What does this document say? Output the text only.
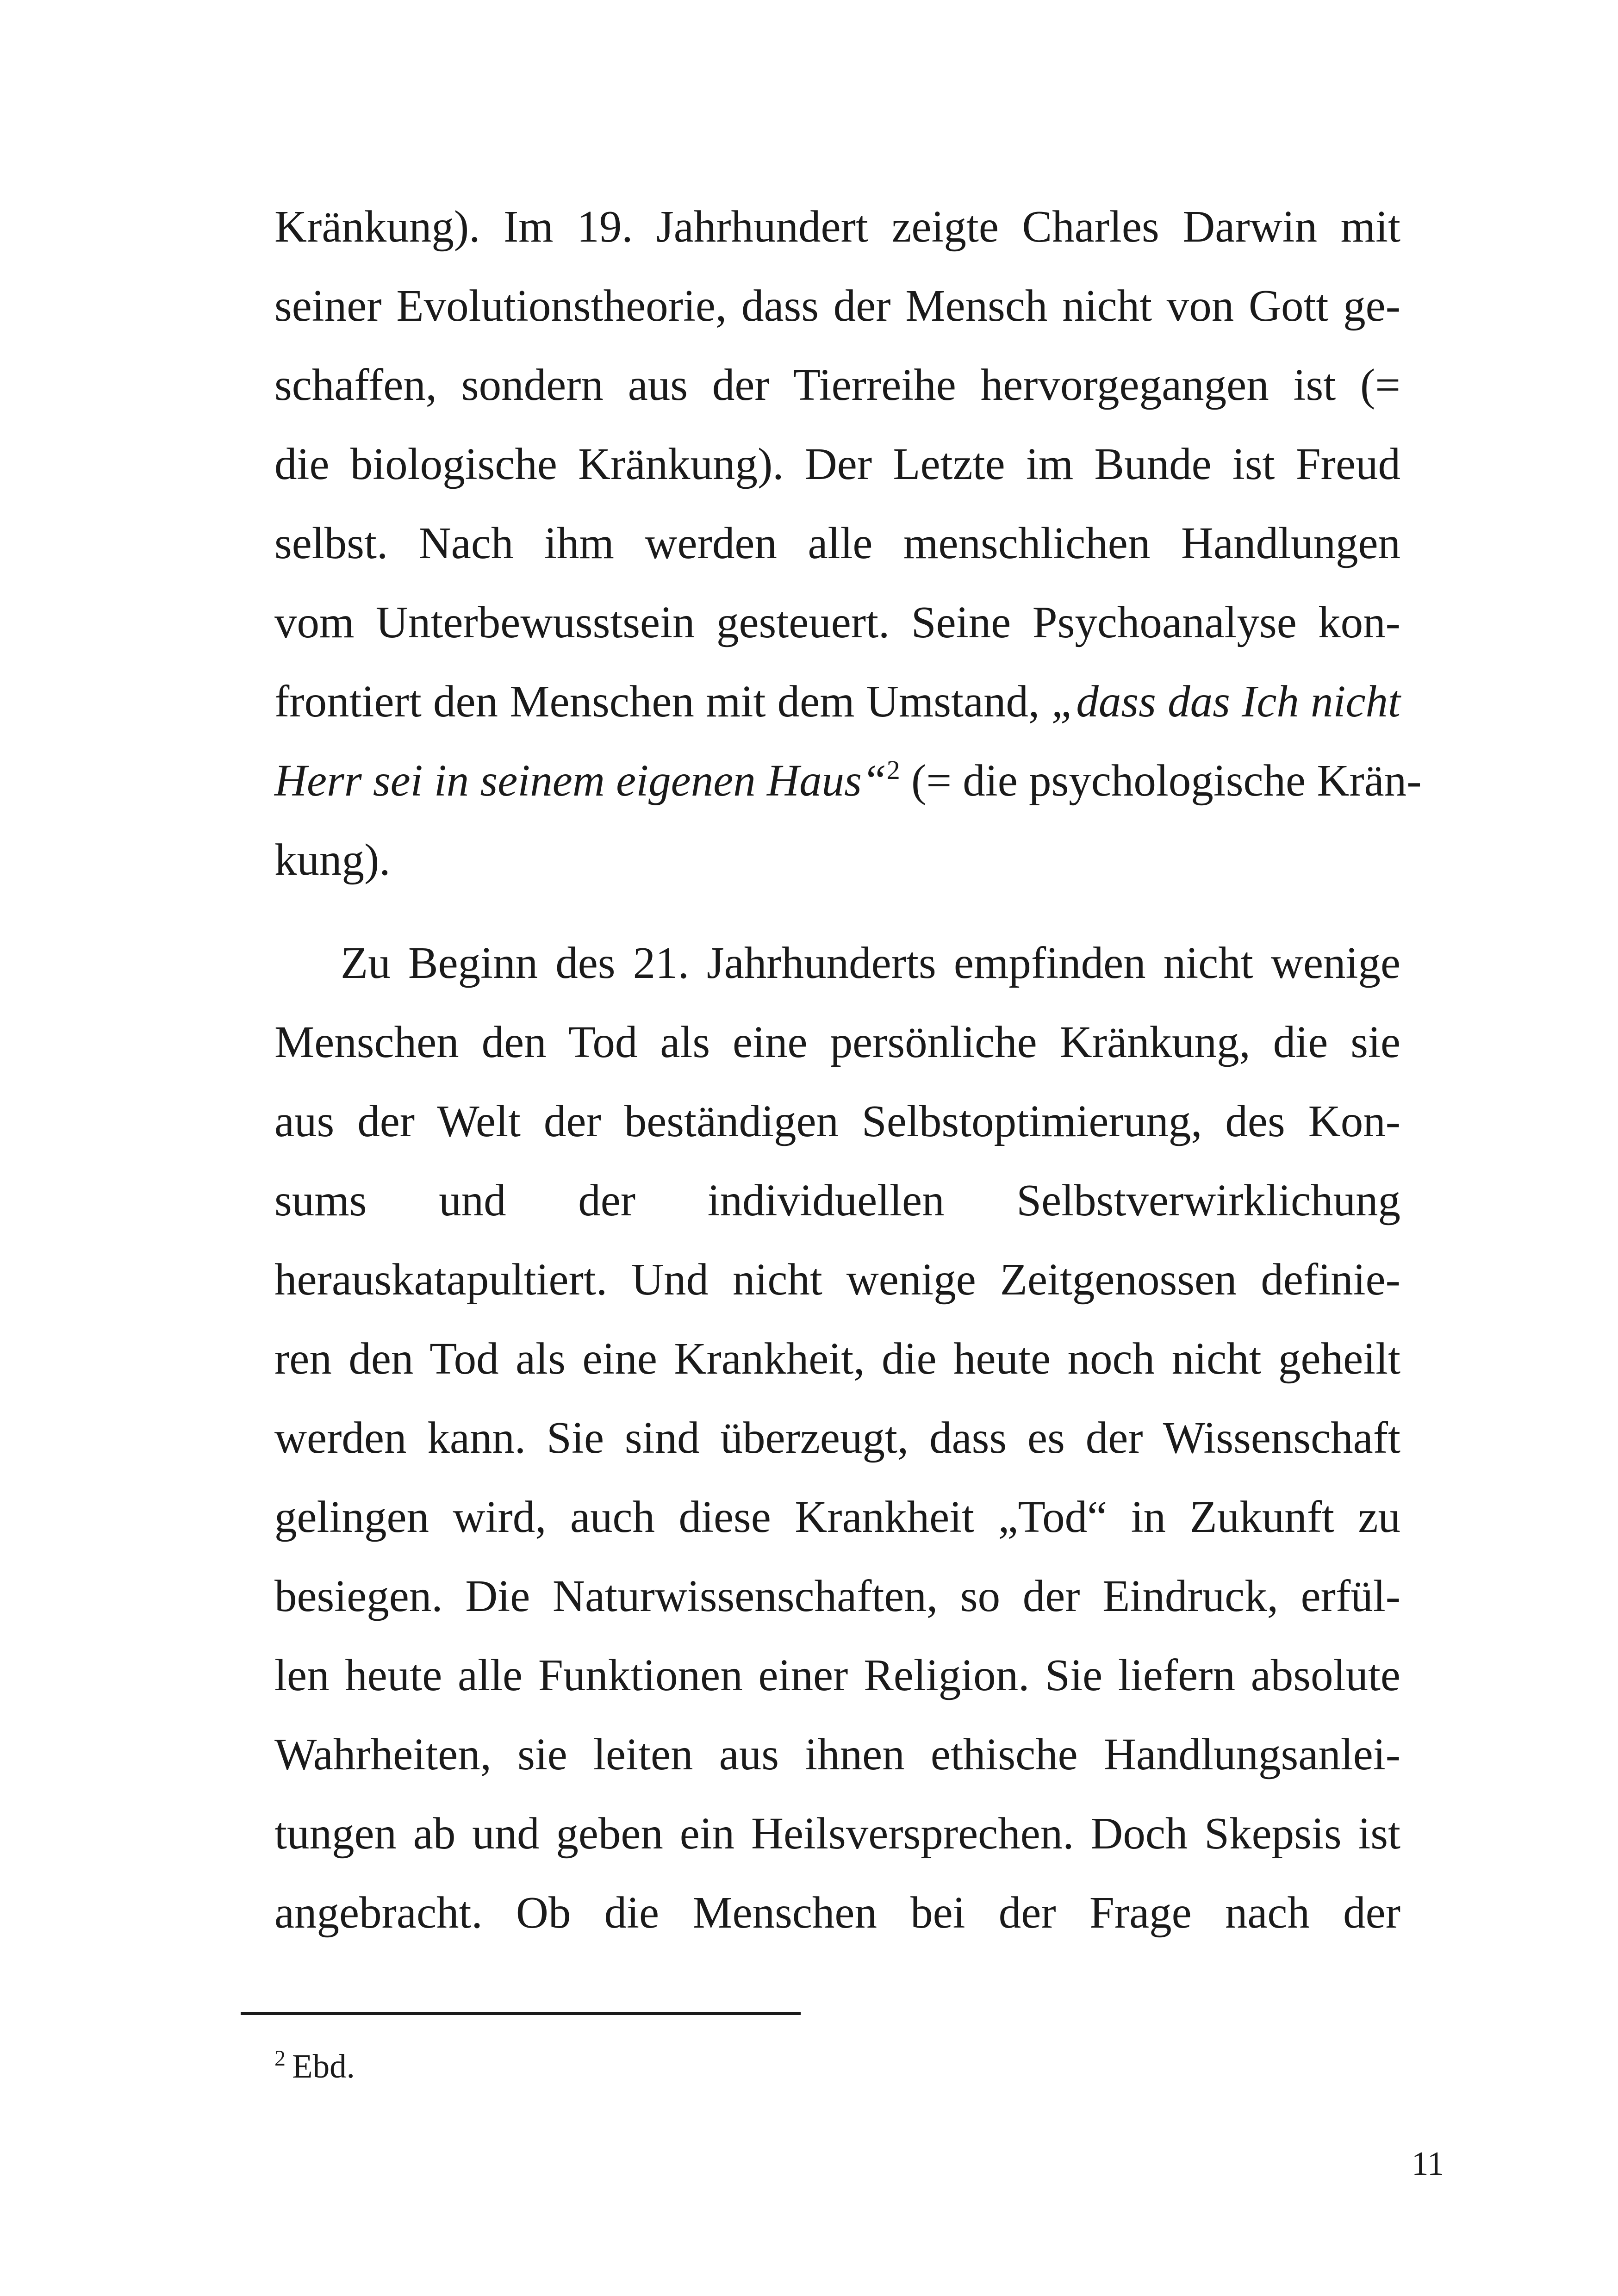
Kränkung). Im 19. Jahrhundert zeigte Charles Darwin mit
seiner Evolutionstheorie, dass der Mensch nicht von Gott ge-
schaffen, sondern aus der Tierreihe hervorgegangen ist (=
die biologische Kränkung). Der Letzte im Bunde ist Freud
selbst. Nach ihm werden alle menschlichen Handlungen
vom Unterbewusstsein gesteuert. Seine Psychoanalyse kon-
frontiert den Menschen mit dem Umstand, „dass das Ich nicht
Herr sei in seinem eigenen Haus“$^2$ (= die psychologische Krän-
kung).
Zu Beginn des 21. Jahrhunderts empfinden nicht wenige
Menschen den Tod als eine persönliche Kränkung, die sie
aus der Welt der beständigen Selbstoptimierung, des Kon-
sums und der individuellen Selbstverwirklichung
herauskatapultiert. Und nicht wenige Zeitgenossen definie-
ren den Tod als eine Krankheit, die heute noch nicht geheilt
werden kann. Sie sind überzeugt, dass es der Wissenschaft
gelingen wird, auch diese Krankheit „Tod“ in Zukunft zu
besiegen. Die Naturwissenschaften, so der Eindruck, erfül-
len heute alle Funktionen einer Religion. Sie liefern absolute
Wahrheiten, sie leiten aus ihnen ethische Handlungsanlei-
tungen ab und geben ein Heilsversprechen. Doch Skepsis ist
angebracht. Ob die Menschen bei der Frage nach der
$^2$ Ebd.
11
